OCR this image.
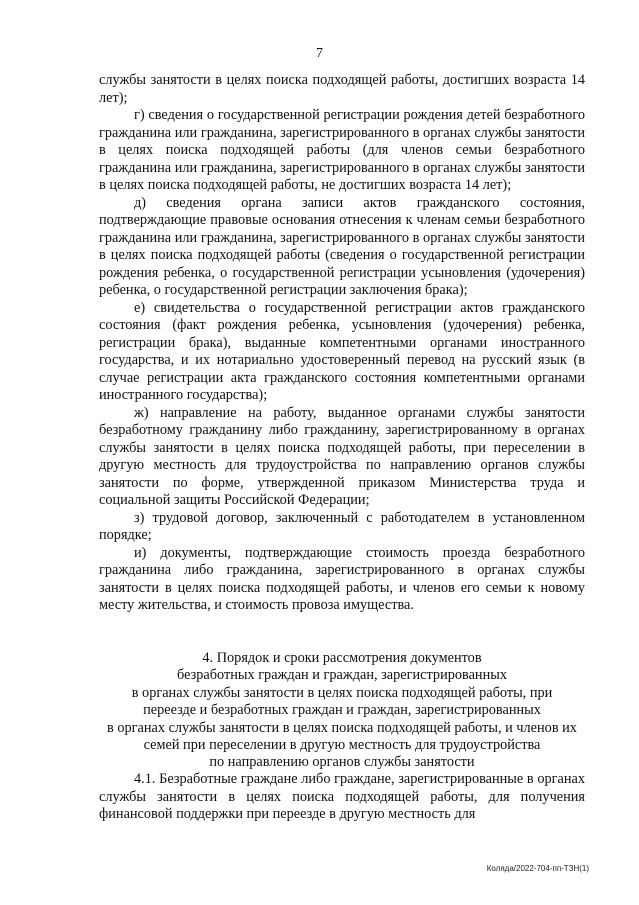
7

службы занятости в целях поиска подходящей работы, достигших возраста 14 лет);

г) сведения о государственной регистрации рождения детей безработного гражданина или гражданина, зарегистрированного в органах службы занятости в целях поиска подходящей работы (для членов семьи безработного гражданина или гражданина, зарегистрированного в органах службы занятости в целях поиска подходящей работы, не достигших возраста 14 лет);

д) сведения органа записи актов гражданского состояния, подтверждающие правовые основания отнесения к членам семьи безработного гражданина или гражданина, зарегистрированного в органах службы занятости в целях поиска подходящей работы (сведения о государственной регистрации рождения ребенка, о государственной регистрации усыновления (удочерения) ребенка, о государственной регистрации заключения брака);

е) свидетельства о государственной регистрации актов гражданского состояния (факт рождения ребенка, усыновления (удочерения) ребенка, регистрации брака), выданные компетентными органами иностранного государства, и их нотариально удостоверенный перевод на русский язык (в случае регистрации акта гражданского состояния компетентными органами иностранного государства);

ж) направление на работу, выданное органами службы занятости безработному гражданину либо гражданину, зарегистрированному в органах службы занятости в целях поиска подходящей работы, при переселении в другую местность для трудоустройства по направлению органов службы занятости по форме, утвержденной приказом Министерства труда и социальной защиты Российской Федерации;

з) трудовой договор, заключенный с работодателем в установленном порядке;

и) документы, подтверждающие стоимость проезда безработного гражданина либо гражданина, зарегистрированного в органах службы занятости в целях поиска подходящей работы, и членов его семьи к новому месту жительства, и стоимость провоза имущества.

4. Порядок и сроки рассмотрения документов
безработных граждан и граждан, зарегистрированных
в органах службы занятости в целях поиска подходящей работы, при
переезде и безработных граждан и граждан, зарегистрированных
в органах службы занятости в целях поиска подходящей работы, и членов их
семей при переселении в другую местность для трудоустройства
по направлению органов службы занятости

4.1. Безработные граждане либо граждане, зарегистрированные в органах службы занятости в целях поиска подходящей работы, для получения финансовой поддержки при переезде в другую местность для

Коляда/2022-704-пп-ТЗН(1)
